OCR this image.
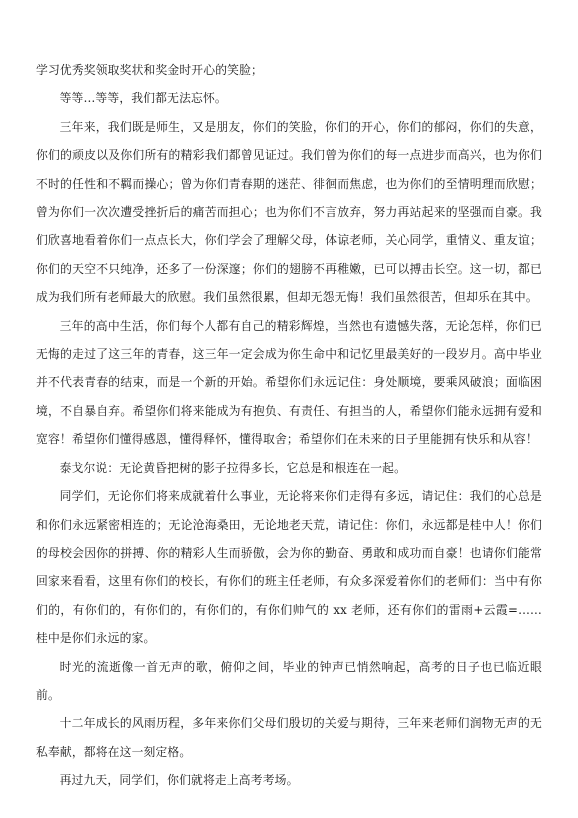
学习优秀奖领取奖状和奖金时开心的笑脸；

等等…等等，我们都无法忘怀。

三年来，我们既是师生，又是朋友，你们的笑脸，你们的开心，你们的郁闷，你们的失意，你们的顽皮以及你们所有的精彩我们都曾见证过。我们曾为你们的每一点进步而高兴，也为你们不时的任性和不羁而操心；曾为你们青春期的迷茫、徘徊而焦虑，也为你们的至情明理而欣慰；曾为你们一次次遭受挫折后的痛苦而担心；也为你们不言放弃，努力再站起来的坚强而自豪。我们欣喜地看着你们一点点长大，你们学会了理解父母，体谅老师，关心同学，重情义、重友谊；你们的天空不只纯净，还多了一份深邃；你们的翅膀不再稚嫩，已可以搏击长空。这一切，都已成为我们所有老师最大的欣慰。我们虽然很累，但却无怨无悔！我们虽然很苦，但却乐在其中。

三年的高中生活，你们每个人都有自己的精彩辉煌，当然也有遗憾失落，无论怎样，你们已无悔的走过了这三年的青春，这三年一定会成为你生命中和记忆里最美好的一段岁月。高中毕业并不代表青春的结束，而是一个新的开始。希望你们永远记住：身处顺境，要乘风破浪；面临困境，不自暴自弃。希望你们将来能成为有抱负、有责任、有担当的人，希望你们能永远拥有爱和宽容！希望你们懂得感恩，懂得释怀，懂得取舍；希望你们在未来的日子里能拥有快乐和从容！

泰戈尔说：无论黄昏把树的影子拉得多长，它总是和根连在一起。

同学们，无论你们将来成就着什么事业，无论将来你们走得有多远，请记住：我们的心总是和你们永远紧密相连的；无论沧海桑田，无论地老天荒，请记住：你们，永远都是桂中人！你们的母校会因你的拼搏、你的精彩人生而骄傲，会为你的勤奋、勇敢和成功而自豪！也请你们能常回家来看看，这里有你们的校长，有你们的班主任老师，有众多深爱着你们的老师们：当中有你们的，有你们的，有你们的，有你们的，有你们帅气的 xx 老师，还有你们的雷雨+云霞=……桂中是你们永远的家。

时光的流逝像一首无声的歌，俯仰之间，毕业的钟声已悄然响起，高考的日子也已临近眼前。

十二年成长的风雨历程，多年来你们父母们殷切的关爱与期待，三年来老师们润物无声的无私奉献，都将在这一刻定格。

再过九天，同学们，你们就将走上高考考场。
